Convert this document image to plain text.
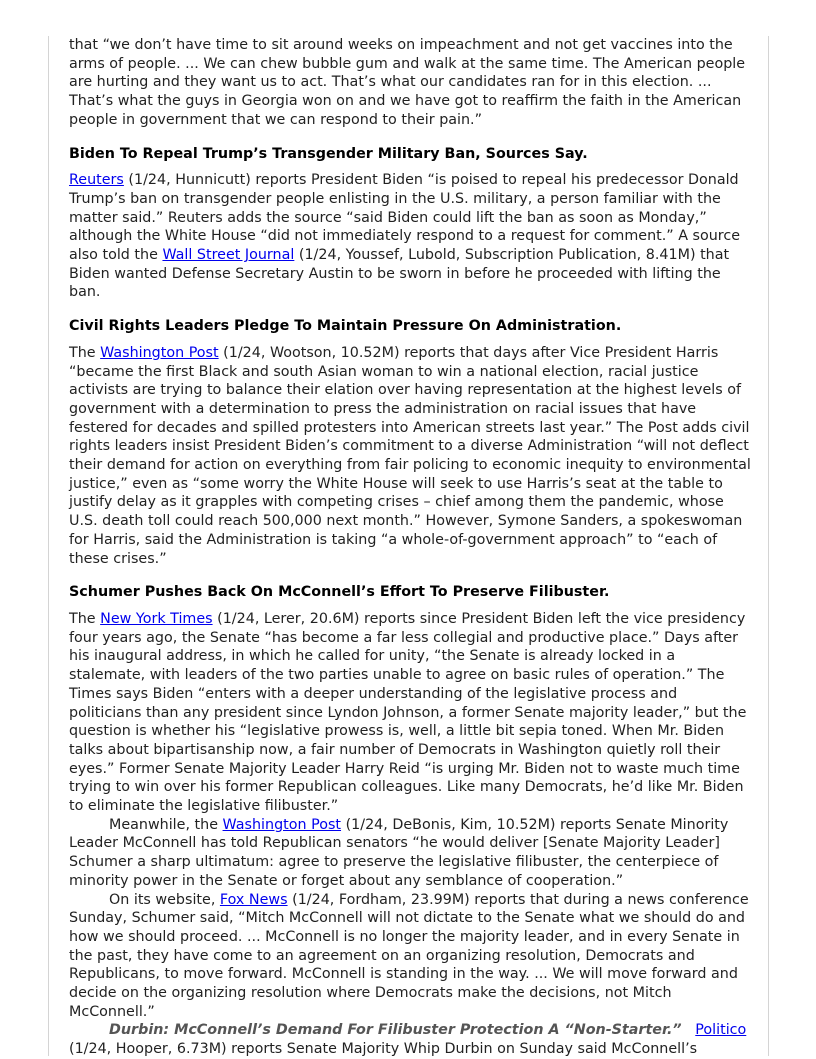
that “we don’t have time to sit around weeks on impeachment and not get vaccines into the arms of people. ... We can chew bubble gum and walk at the same time. The American people are hurting and they want us to act. That’s what our candidates ran for in this election. ... That’s what the guys in Georgia won on and we have got to reaffirm the faith in the American people in government that we can respond to their pain.”

Biden To Repeal Trump’s Transgender Military Ban, Sources Say.

Reuters (1/24, Hunnicutt) reports President Biden “is poised to repeal his predecessor Donald Trump’s ban on transgender people enlisting in the U.S. military, a person familiar with the matter said.” Reuters adds the source “said Biden could lift the ban as soon as Monday,” although the White House “did not immediately respond to a request for comment.” A source also told the Wall Street Journal (1/24, Youssef, Lubold, Subscription Publication, 8.41M) that Biden wanted Defense Secretary Austin to be sworn in before he proceeded with lifting the ban.

Civil Rights Leaders Pledge To Maintain Pressure On Administration.

The Washington Post (1/24, Wootson, 10.52M) reports that days after Vice President Harris “became the first Black and south Asian woman to win a national election, racial justice activists are trying to balance their elation over having representation at the highest levels of government with a determination to press the administration on racial issues that have festered for decades and spilled protesters into American streets last year.” The Post adds civil rights leaders insist President Biden’s commitment to a diverse Administration “will not deflect their demand for action on everything from fair policing to economic inequity to environmental justice,” even as “some worry the White House will seek to use Harris’s seat at the table to justify delay as it grapples with competing crises – chief among them the pandemic, whose U.S. death toll could reach 500,000 next month.” However, Symone Sanders, a spokeswoman for Harris, said the Administration is taking “a whole-of-government approach” to “each of these crises.”

Schumer Pushes Back On McConnell’s Effort To Preserve Filibuster.

The New York Times (1/24, Lerer, 20.6M) reports since President Biden left the vice presidency four years ago, the Senate “has become a far less collegial and productive place.” Days after his inaugural address, in which he called for unity, “the Senate is already locked in a stalemate, with leaders of the two parties unable to agree on basic rules of operation.” The Times says Biden “enters with a deeper understanding of the legislative process and politicians than any president since Lyndon Johnson, a former Senate majority leader,” but the question is whether his “legislative prowess is, well, a little bit sepia toned. When Mr. Biden talks about bipartisanship now, a fair number of Democrats in Washington quietly roll their eyes.” Former Senate Majority Leader Harry Reid “is urging Mr. Biden not to waste much time trying to win over his former Republican colleagues. Like many Democrats, he’d like Mr. Biden to eliminate the legislative filibuster.”

Meanwhile, the Washington Post (1/24, DeBonis, Kim, 10.52M) reports Senate Minority Leader McConnell has told Republican senators “he would deliver [Senate Majority Leader] Schumer a sharp ultimatum: agree to preserve the legislative filibuster, the centerpiece of minority power in the Senate or forget about any semblance of cooperation.”

On its website, Fox News (1/24, Fordham, 23.99M) reports that during a news conference Sunday, Schumer said, “Mitch McConnell will not dictate to the Senate what we should do and how we should proceed. ... McConnell is no longer the majority leader, and in every Senate in the past, they have come to an agreement on an organizing resolution, Democrats and Republicans, to move forward. McConnell is standing in the way. ... We will move forward and decide on the organizing resolution where Democrats make the decisions, not Mitch McConnell.”

Durbin: McConnell’s Demand For Filibuster Protection A “Non-Starter.” Politico (1/24, Hooper, 6.73M) reports Senate Majority Whip Durbin on Sunday said McConnell’s
